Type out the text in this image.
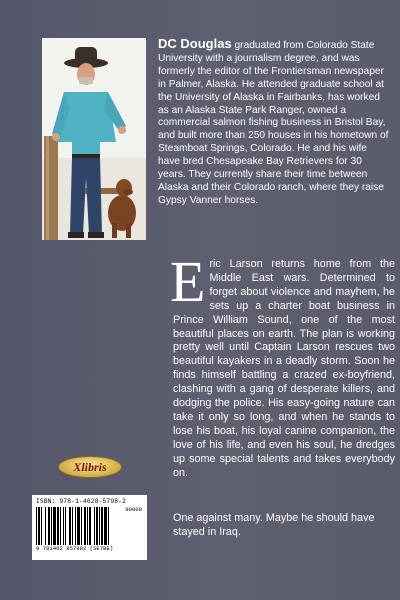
DC Douglas graduated from Colorado State University with a journalism degree, and was formerly the editor of the Frontiersman newspaper in Palmer, Alaska. He attended graduate school at the University of Alaska in Fairbanks, has worked as an Alaska State Park Ranger, owned a commercial salmon fishing business in Bristol Bay, and built more than 250 houses in his hometown of Steamboat Springs, Colorado. He and his wife have bred Chesapeake Bay Retrievers for 30 years. They currently share their time between Alaska and their Colorado ranch, where they raise Gypsy Vanner horses.
E ric Larson returns home from the Middle East wars. Determined to forget about violence and mayhem, he sets up a charter boat business in Prince William Sound, one of the most beautiful places on earth. The plan is working pretty well until Captain Larson rescues two beautiful kayakers in a deadly storm. Soon he finds himself battling a crazed ex-boyfriend, clashing with a gang of desperate killers, and dodging the police. His easy-going nature can take it only so long, and when he stands to lose his boat, his loyal canine companion, the love of his life, and even his soul, he dredges up some special talents and takes everybody on.
One against many. Maybe he should have stayed in Iraq.
Xlibris
ISBN: 978-1-4628-5798-2
90000
9 781462 857982 (SE7BE)
